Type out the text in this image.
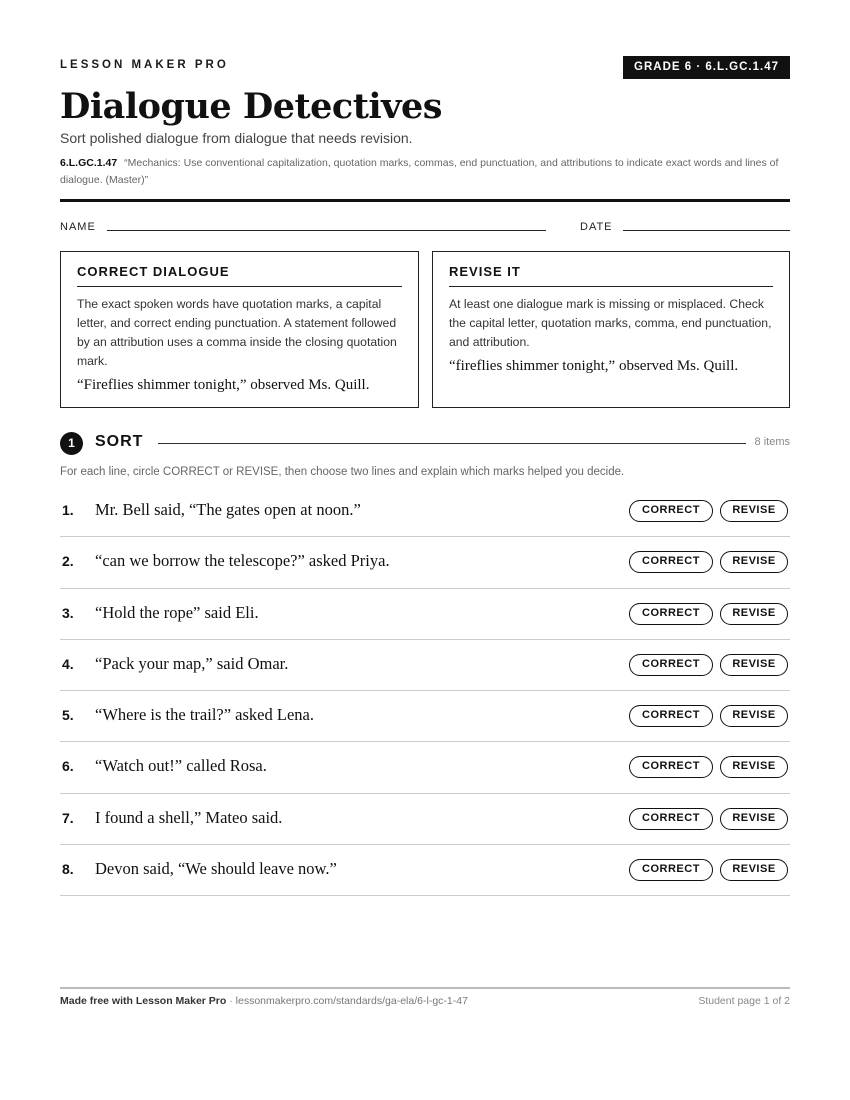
LESSON MAKER PRO	GRADE 6 · 6.L.GC.1.47
Dialogue Detectives
Sort polished dialogue from dialogue that needs revision.
6.L.GC.1.47 “Mechanics: Use conventional capitalization, quotation marks, commas, end punctuation, and attributions to indicate exact words and lines of dialogue. (Master)”
NAME	DATE
CORRECT DIALOGUE

The exact spoken words have quotation marks, a capital letter, and correct ending punctuation. A statement followed by an attribution uses a comma inside the closing quotation mark.

“Fireflies shimmer tonight,” observed Ms. Quill.

REVISE IT

At least one dialogue mark is missing or misplaced. Check the capital letter, quotation marks, comma, end punctuation, and attribution.

“fireflies shimmer tonight,” observed Ms. Quill.

1	SORT	8 items
For each line, circle CORRECT or REVISE, then choose two lines and explain which marks helped you decide.
1. Mr. Bell said, “The gates open at noon.”	CORRECT	REVISE
2. “can we borrow the telescope?” asked Priya.	CORRECT	REVISE
3. “Hold the rope” said Eli.	CORRECT	REVISE
4. “Pack your map,” said Omar.	CORRECT	REVISE
5. “Where is the trail?” asked Lena.	CORRECT	REVISE
6. “Watch out!” called Rosa.	CORRECT	REVISE
7. I found a shell,” Mateo said.	CORRECT	REVISE
8. Devon said, “We should leave now.”	CORRECT	REVISE
Made free with Lesson Maker Pro · lessonmakerpro.com/standards/ga-ela/6-l-gc-1-47	Student page 1 of 2
